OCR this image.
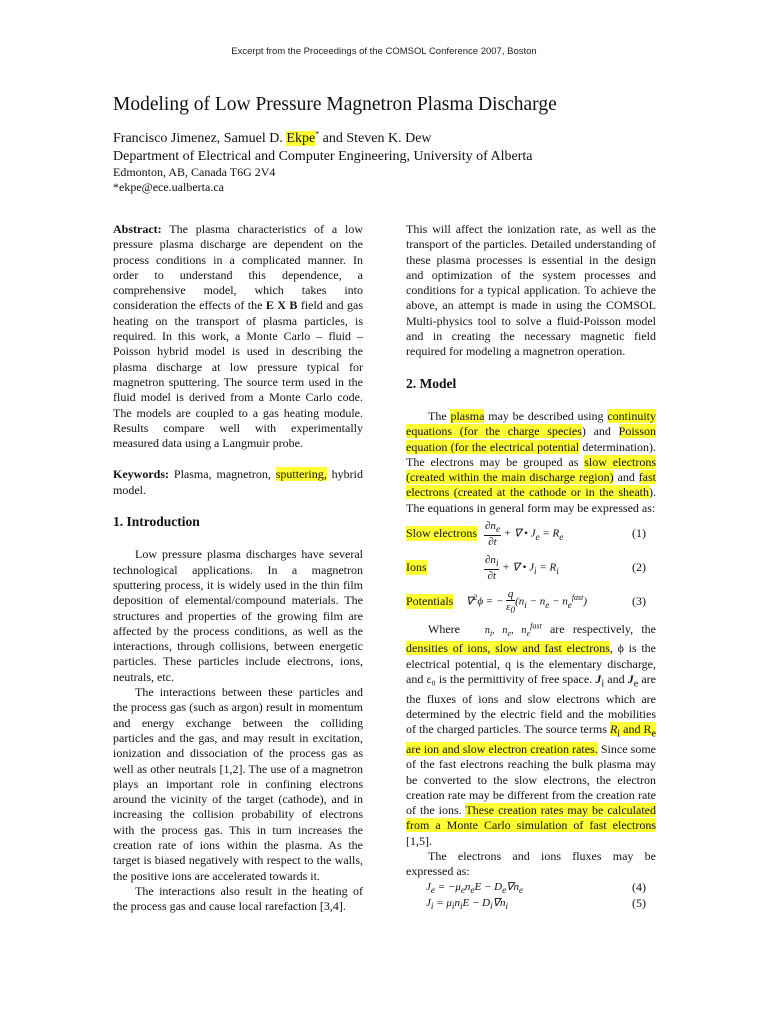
Excerpt from the Proceedings of the COMSOL Conference 2007, Boston
Modeling of Low Pressure Magnetron Plasma Discharge
Francisco Jimenez, Samuel D. Ekpe* and Steven K. Dew
Department of Electrical and Computer Engineering, University of Alberta
Edmonton, AB, Canada T6G 2V4
*ekpe@ece.ualberta.ca

Abstract: The plasma characteristics of a low pressure plasma discharge are dependent on the process conditions in a complicated manner. In order to understand this dependence, a comprehensive model, which takes into consideration the effects of the E X B field and gas heating on the transport of plasma particles, is required. In this work, a Monte Carlo – fluid – Poisson hybrid model is used in describing the plasma discharge at low pressure typical for magnetron sputtering. The source term used in the fluid model is derived from a Monte Carlo code. The models are coupled to a gas heating module. Results compare well with experimentally measured data using a Langmuir probe.

Keywords: Plasma, magnetron, sputtering, hybrid model.

1. Introduction

Low pressure plasma discharges have several technological applications. In a magnetron sputtering process, it is widely used in the thin film deposition of elemental/compound materials. The structures and properties of the growing film are affected by the process conditions, as well as the interactions, through collisions, between energetic particles. These particles include electrons, ions, neutrals, etc.

The interactions between these particles and the process gas (such as argon) result in momentum and energy exchange between the colliding particles and the gas, and may result in excitation, ionization and dissociation of the process gas as well as other neutrals [1,2]. The use of a magnetron plays an important role in confining electrons around the vicinity of the target (cathode), and in increasing the collision probability of electrons with the process gas. This in turn increases the creation rate of ions within the plasma. As the target is biased negatively with respect to the walls, the positive ions are accelerated towards it.

The interactions also result in the heating of the process gas and cause local rarefaction [3,4].

This will affect the ionization rate, as well as the transport of the particles. Detailed understanding of these plasma processes is essential in the design and optimization of the system processes and conditions for a typical application. To achieve the above, an attempt is made in using the COMSOL Multi-physics tool to solve a fluid-Poisson model and in creating the necessary magnetic field required for modeling a magnetron operation.

2. Model

The plasma may be described using continuity equations (for the charge species) and Poisson equation (for the electrical potential determination). The electrons may be grouped as slow electrons (created within the main discharge region) and fast electrons (created at the cathode or in the sheath). The equations in general form may be expressed as:

Slow electrons $\frac{\partial n_e}{\partial t}$ + ∇ • $J_e = R_e$	(1)
Ions	$\frac{\partial n_i}{\partial t}$ + ∇ • $J_i = R_i$	(2)
Potentials ∇$^2$ϕ = − $\frac{q}{\varepsilon_0} (n_i - n_e - n_e^{fast})$	(3)

Where $n_i$, $n_e$, $n_e^{fast}$ are respectively, the densities of ions, slow and fast electrons, ϕ is the electrical potential, q is the elementary discharge, and ε₀ is the permittivity of free space. $J_i$ and $J_e$ are the fluxes of ions and slow electrons which are determined by the electric field and the mobilities of the charged particles. The source terms $R_i$ and $R_e$ are ion and slow electron creation rates. Since some of the fast electrons reaching the bulk plasma may be converted to the slow electrons, the electron creation rate may be different from the creation rate of the ions. These creation rates may be calculated from a Monte Carlo simulation of fast electrons [1,5].

The electrons and ions fluxes may be expressed as:

$J_e = -\mu_en_eE - D_e\nabla n_e$	(4)
$J_i = \mu_in_iE - D_i\nabla n_i$	(5)
